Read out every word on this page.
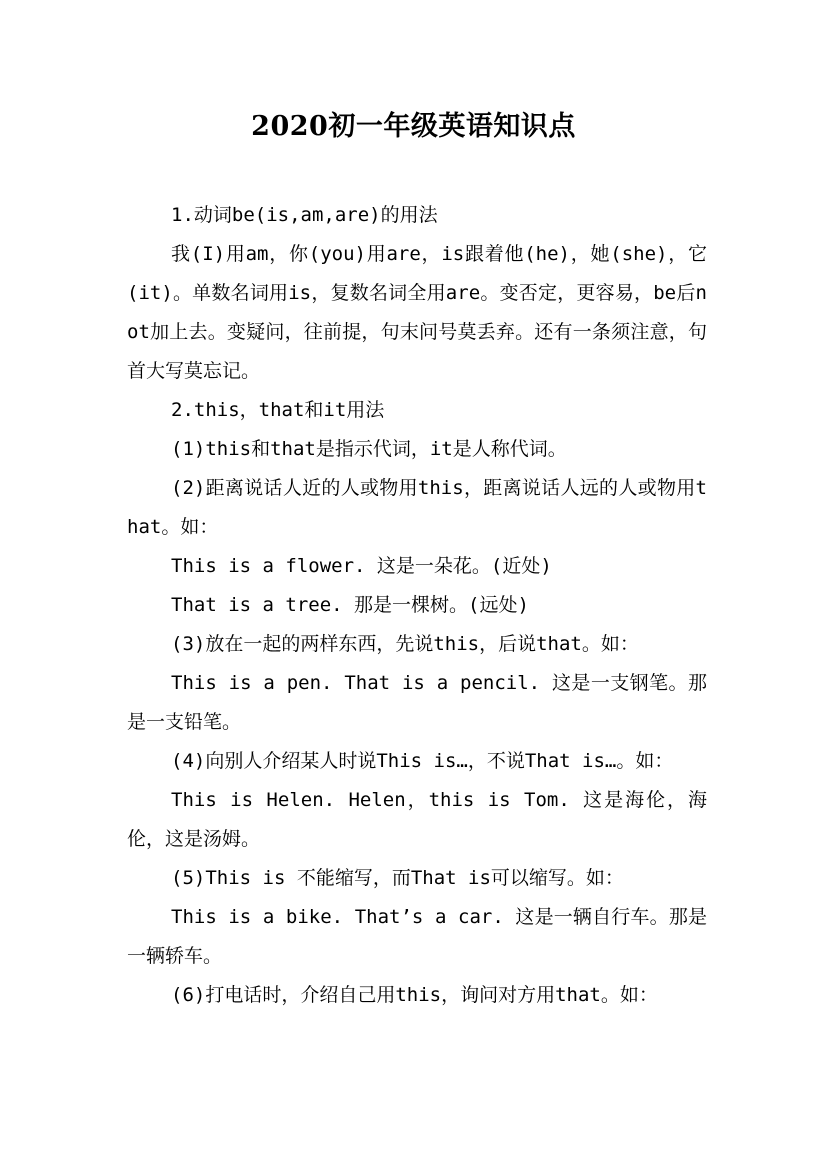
2020初一年级英语知识点

1.动词be(is,am,are)的用法

我(I)用am，你(you)用are，is跟着他(he)，她(she)，它(it)。单数名词用is，复数名词全用are。变否定，更容易，be后not加上去。变疑问，往前提，句末问号莫丢弃。还有一条须注意，句首大写莫忘记。

2.this，that和it用法

(1)this和that是指示代词，it是人称代词。

(2)距离说话人近的人或物用this，距离说话人远的人或物用that。如：

This is a flower. 这是一朵花。(近处)

That is a tree. 那是一棵树。(远处)

(3)放在一起的两样东西，先说this，后说that。如：

This is a pen. That is a pencil. 这是一支钢笔。那是一支铅笔。

(4)向别人介绍某人时说This is…，不说That is…。如：

This is Helen. Helen，this is Tom. 这是海伦，海伦，这是汤姆。

(5)This is 不能缩写，而That is可以缩写。如：

This is a bike. That’s a car. 这是一辆自行车。那是一辆轿车。

(6)打电话时，介绍自己用this，询问对方用that。如：
